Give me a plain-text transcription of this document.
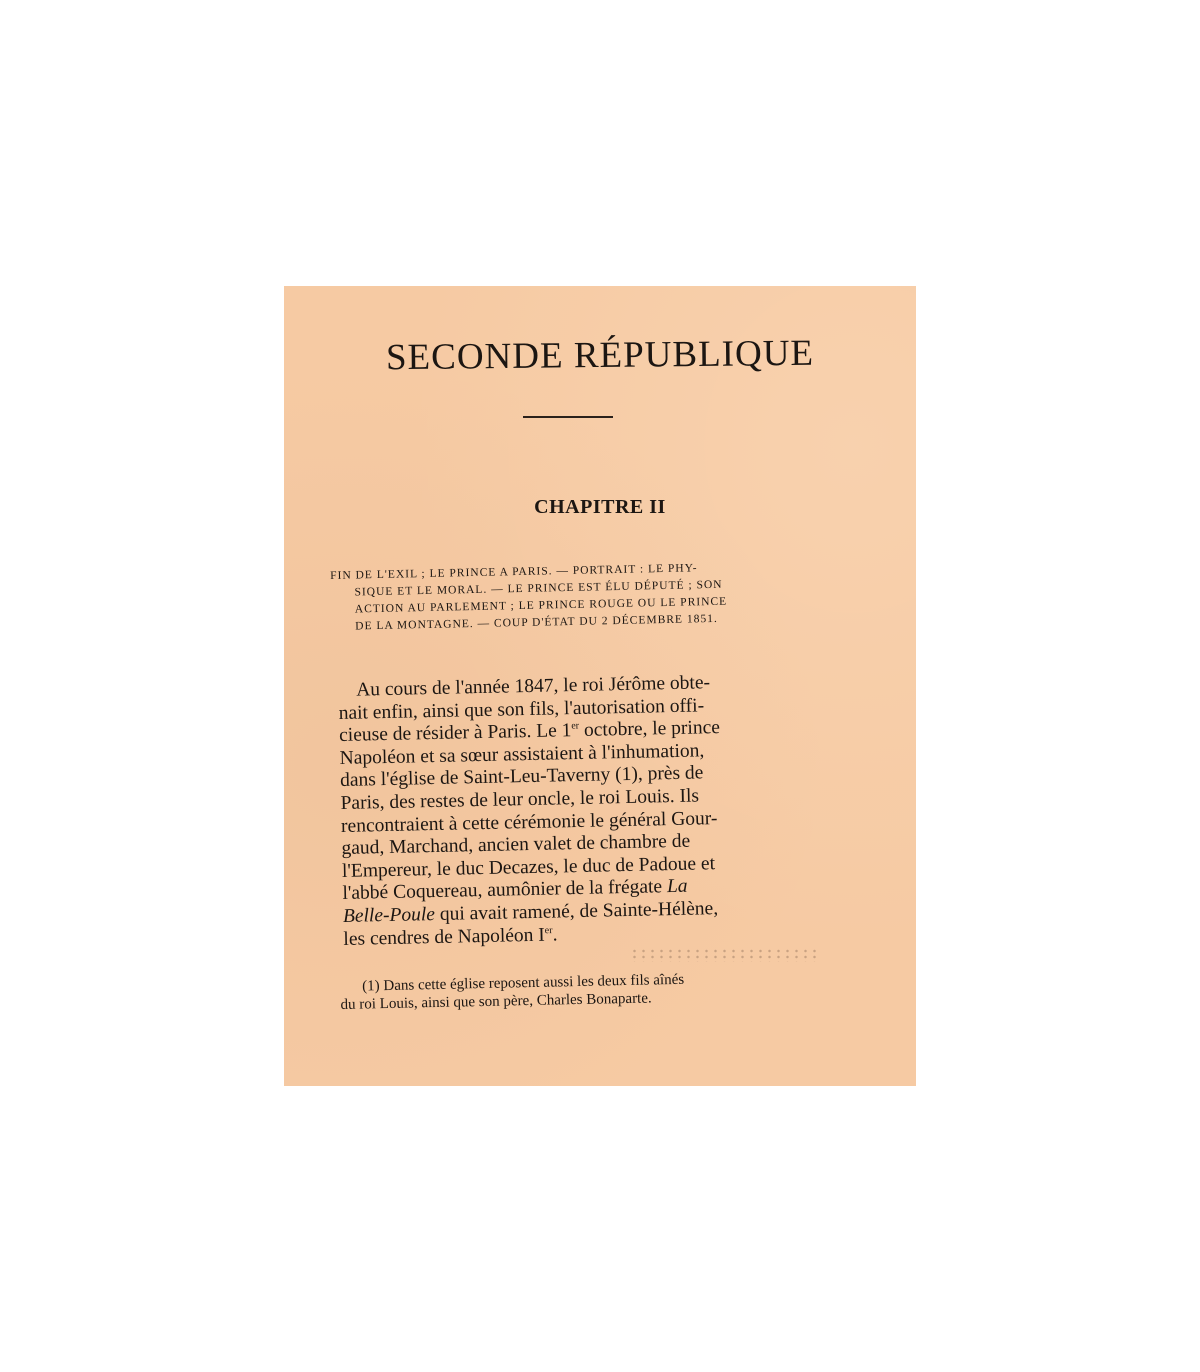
SECONDE RÉPUBLIQUE
CHAPITRE II
FIN DE L'EXIL ; LE PRINCE A PARIS. — PORTRAIT : LE PHY-
SIQUE ET LE MORAL. — LE PRINCE EST ÉLU DÉPUTÉ ; SON
ACTION AU PARLEMENT ; LE PRINCE ROUGE OU LE PRINCE
DE LA MONTAGNE. — COUP D'ÉTAT DU 2 DÉCEMBRE 1851.
Au cours de l'année 1847, le roi Jérôme obte-
nait enfin, ainsi que son fils, l'autorisation offi-
cieuse de résider à Paris. Le 1er octobre, le prince
Napoléon et sa sœur assistaient à l'inhumation,
dans l'église de Saint-Leu-Taverny (1), près de
Paris, des restes de leur oncle, le roi Louis. Ils
rencontraient à cette cérémonie le général Gour-
gaud, Marchand, ancien valet de chambre de
l'Empereur, le duc Decazes, le duc de Padoue et
l'abbé Coquereau, aumônier de la frégate La
Belle-Poule qui avait ramené, de Sainte-Hélène,
les cendres de Napoléon Ier.
(1) Dans cette église reposent aussi les deux fils aînés
du roi Louis, ainsi que son père, Charles Bonaparte.
